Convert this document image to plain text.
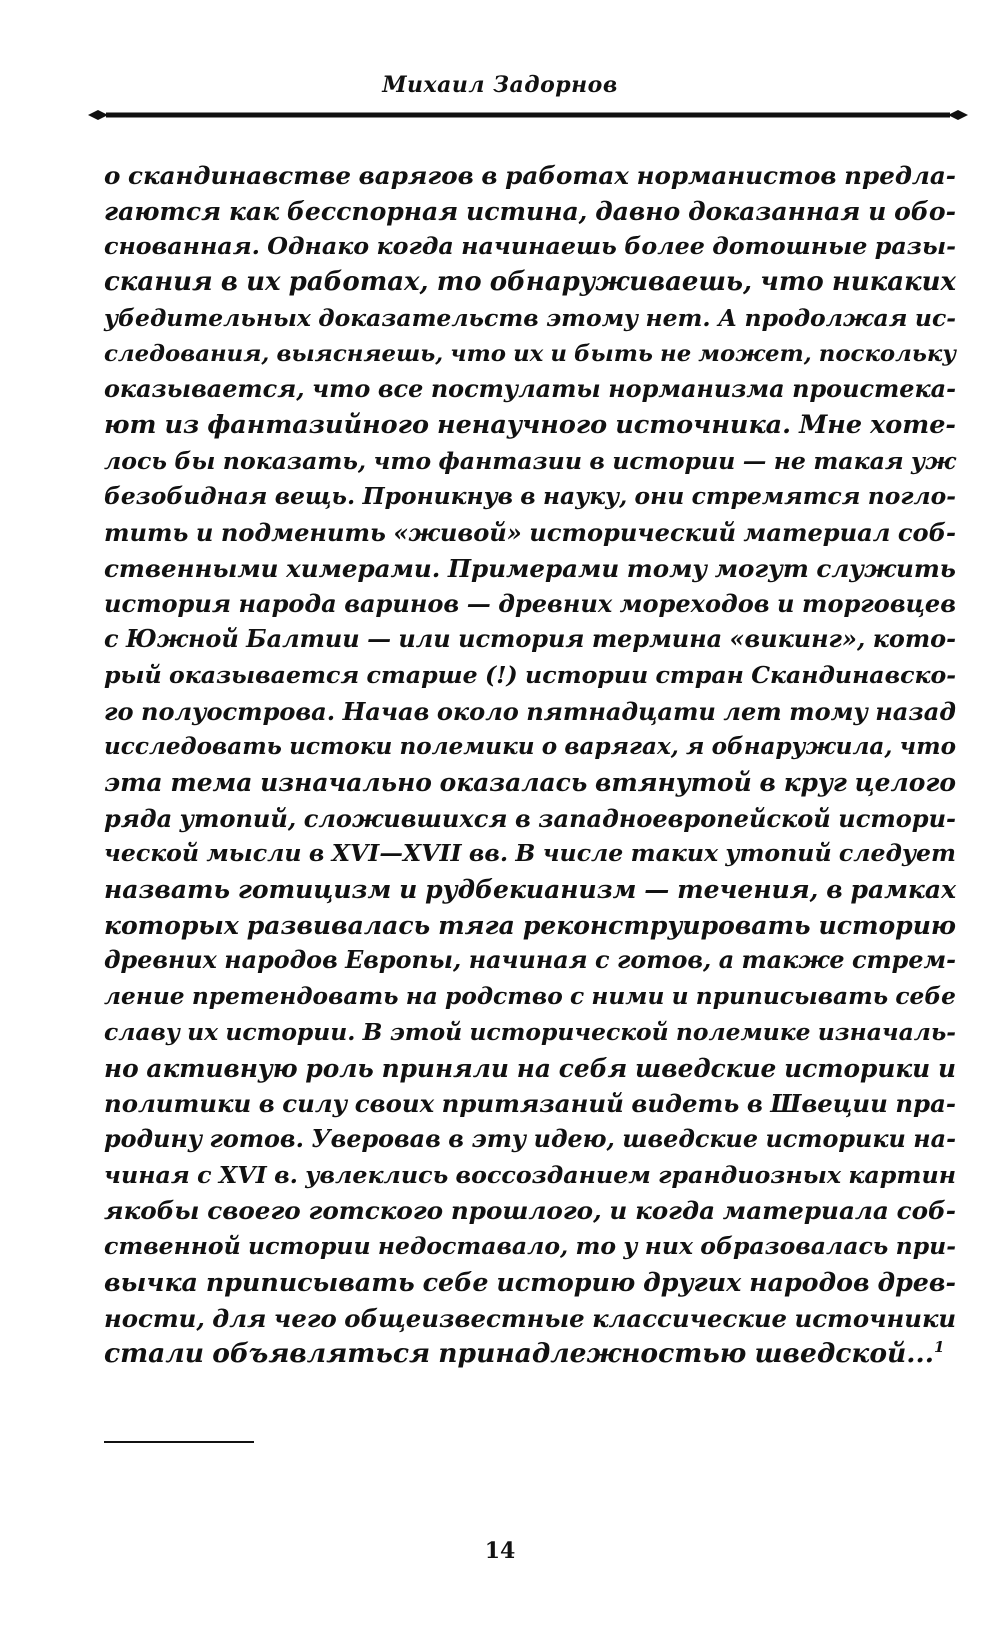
Михаил Задорнов
о скандинавстве варягов в работах норманистов предла-
гаются как бесспорная истина, давно доказанная и обо-
снованная. Однако когда начинаешь более дотошные разы-
скания в их работах, то обнаруживаешь, что никаких
убедительных доказательств этому нет. А продолжая ис-
следования, выясняешь, что их и быть не может, поскольку
оказывается, что все постулаты норманизма проистека-
ют из фантазийного ненаучного источника. Мне хоте-
лось бы показать, что фантазии в истории — не такая уж
безобидная вещь. Проникнув в науку, они стремятся погло-
тить и подменить «живой» исторический материал соб-
ственными химерами. Примерами тому могут служить
история народа варинов — древних мореходов и торговцев
с Южной Балтии — или история термина «викинг», кото-
рый оказывается старше (!) истории стран Скандинавско-
го полуострова. Начав около пятнадцати лет тому назад
исследовать истоки полемики о варягах, я обнаружила, что
эта тема изначально оказалась втянутой в круг целого
ряда утопий, сложившихся в западноевропейской истори-
ческой мысли в XVI—XVII вв. В числе таких утопий следует
назвать готицизм и рудбекианизм — течения, в рамках
которых развивалась тяга реконструировать историю
древних народов Европы, начиная с готов, а также стрем-
ление претендовать на родство с ними и приписывать себе
славу их истории. В этой исторической полемике изначаль-
но активную роль приняли на себя шведские историки и
политики в силу своих притязаний видеть в Швеции пра-
родину готов. Уверовав в эту идею, шведские историки на-
чиная с XVI в. увлеклись воссозданием грандиозных картин
якобы своего готского прошлого, и когда материала соб-
ственной истории недоставало, то у них образовалась при-
вычка приписывать себе историю других народов древ-
ности, для чего общеизвестные классические источники
стали объявляться принадлежностью шведской...$^1$
14
